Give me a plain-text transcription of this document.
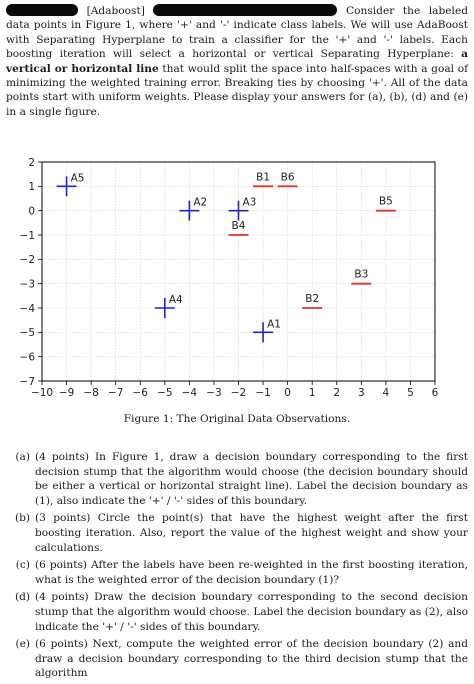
[Adaboost]	Consider the labeled data points in Figure 1, where '+' and '-' indicate class labels. We will use AdaBoost with Separating Hyperplane to train a classifier for the '+' and '-' labels. Each boosting iteration will select a horizontal or vertical Separating Hyperplane: a vertical or horizontal line that would split the space into half-spaces with a goal of minimizing the weighted training error. Breaking ties by choosing '+'. All of the data points start with uniform weights. Please display your answers for (a), (b), (d) and (e) in a single figure.
−10 −9 −8 −7 −6 −5 −4 −3 −2 −1 0 1 2 3 4 5 6
2
1
0
−1
−2
−3
−4
−5
−6
−7
A5
A2	A3
A4
A1
B1 B6
B5
B4
B3
B2
Figure 1: The Original Data Observations.
(a) (4 points) In Figure 1, draw a decision boundary corresponding to the first decision stump that the algorithm would choose (the decision boundary should be either a vertical or horizontal straight line). Label the decision boundary as (1), also indicate the '+' / '-' sides of this boundary.
(b) (3 points) Circle the point(s) that have the highest weight after the first boosting iteration. Also, report the value of the highest weight and show your calculations.
(c) (6 points) After the labels have been re-weighted in the first boosting iteration, what is the weighted error of the decision boundary (1)?
(d) (4 points) Draw the decision boundary corresponding to the second decision stump that the algorithm would choose. Label the decision boundary as (2), also indicate the '+' / '-' sides of this boundary.
(e) (6 points) Next, compute the weighted error of the decision boundary (2) and draw a decision boundary corresponding to the third decision stump that the algorithm
